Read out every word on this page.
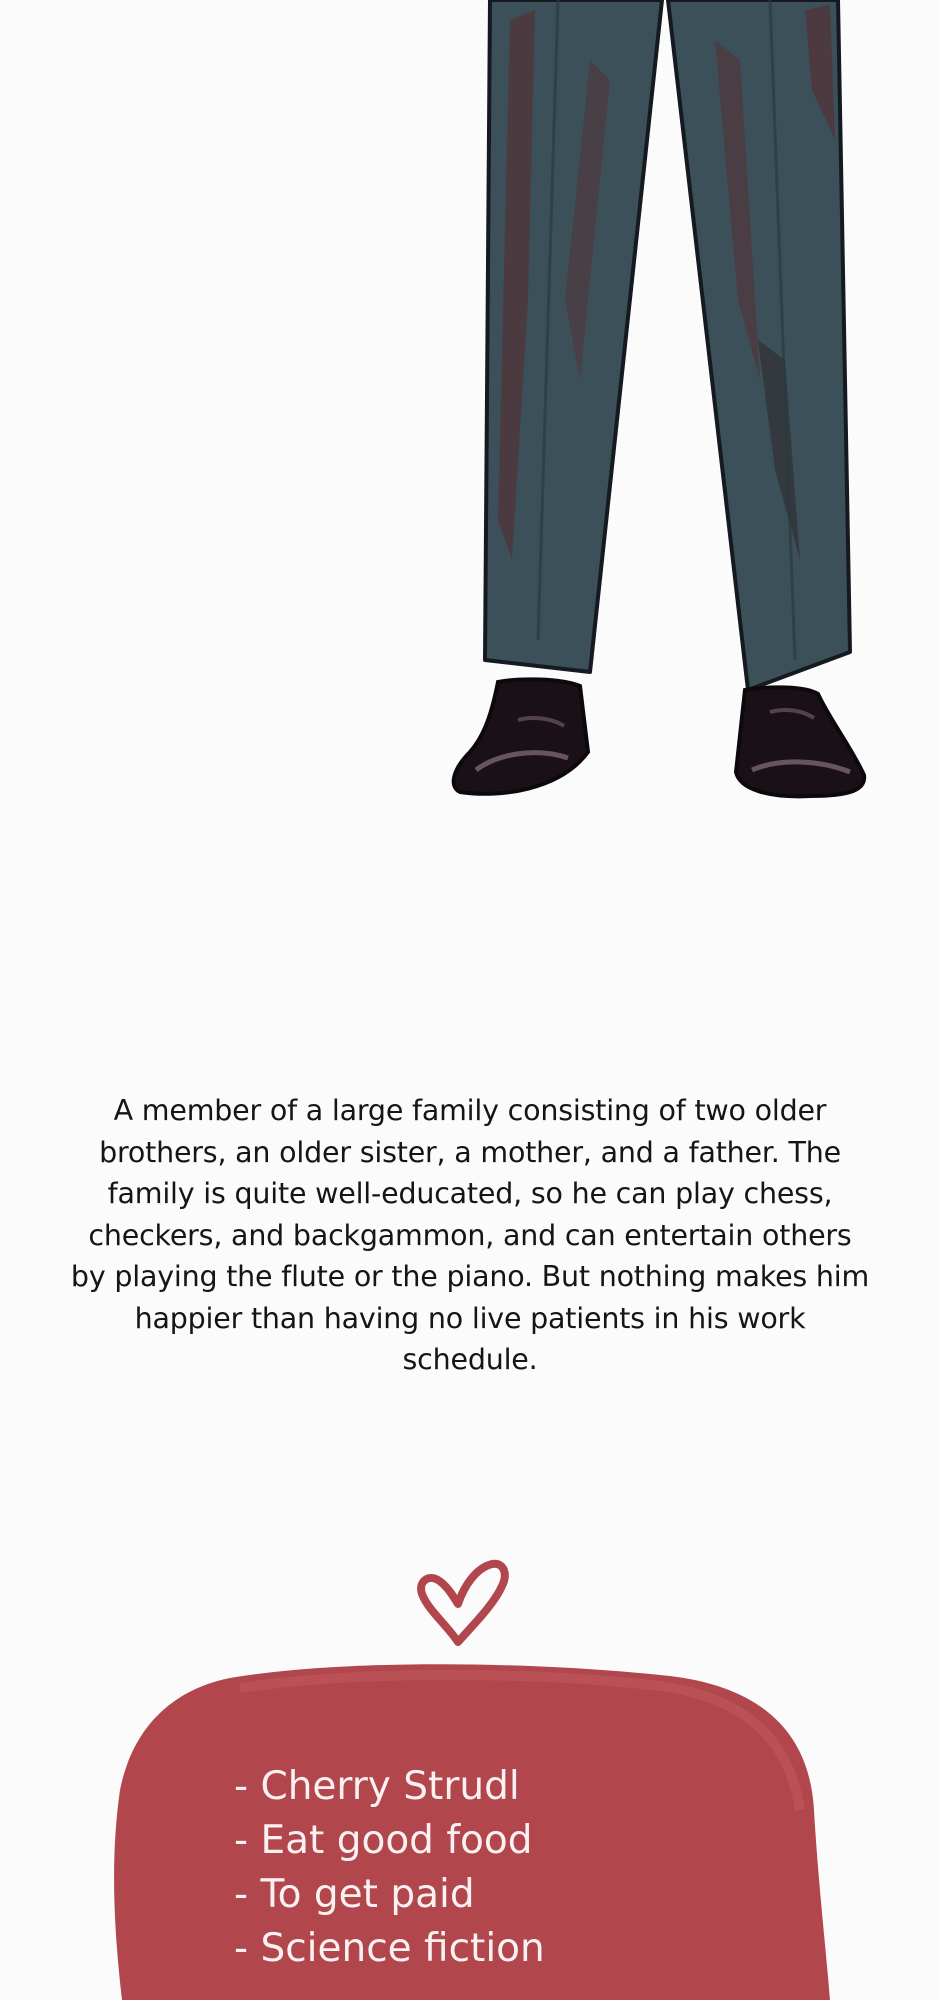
A member of a large family consisting of two older brothers, an older sister, a mother, and a father. The family is quite well-educated, so he can play chess, checkers, and backgammon, and can entertain others by playing the flute or the piano. But nothing makes him happier than having no live patients in his work schedule.

- Cherry Strudl
- Eat good food
- To get paid
- Science fiction
